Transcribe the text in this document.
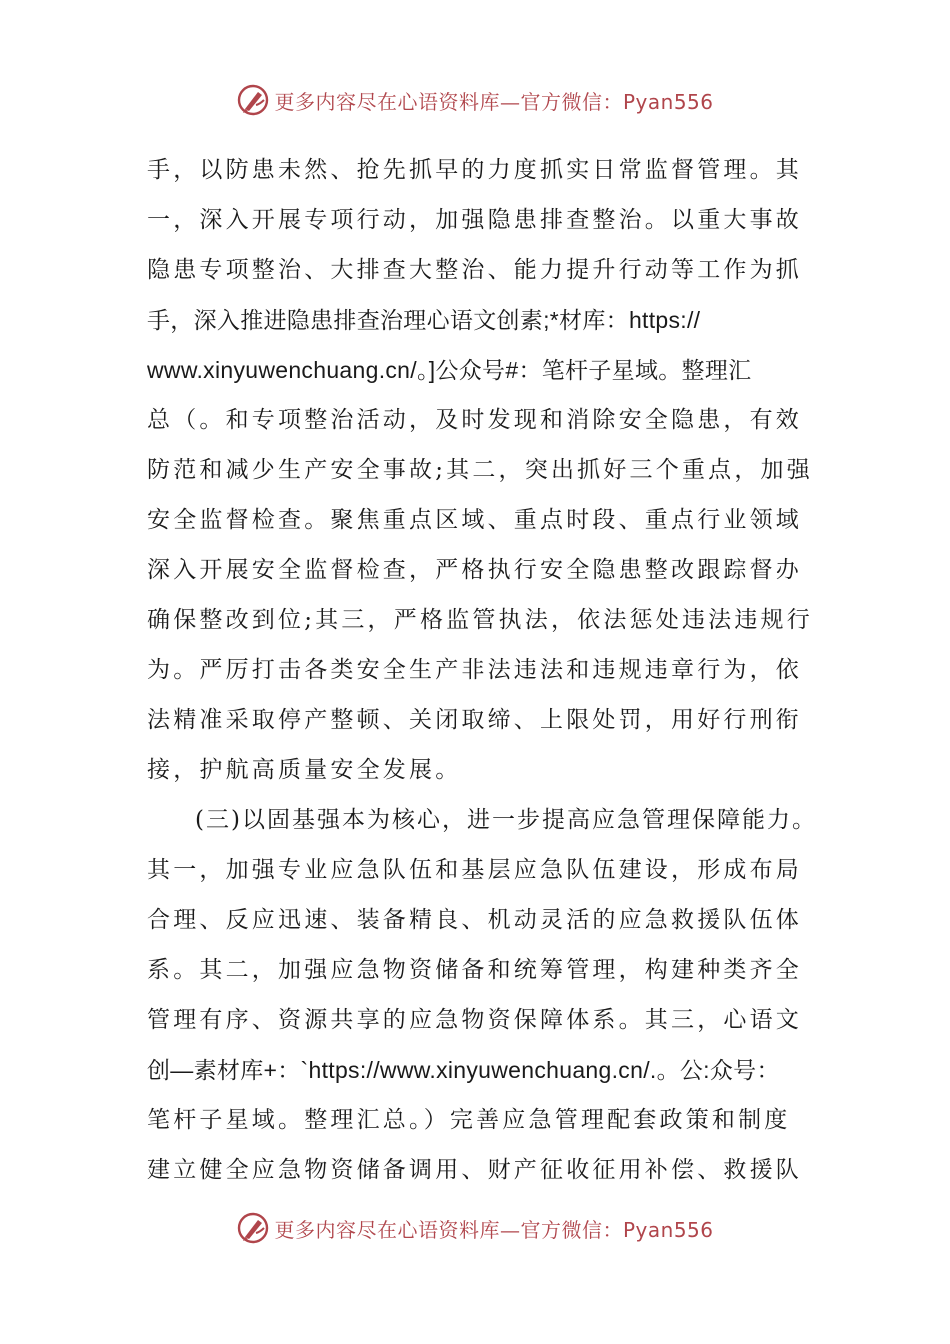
更多内容尽在心语资料库—官方微信：Pyan556
手，以防患未然、抢先抓早的力度抓实日常监督管理。其
一，深入开展专项行动，加强隐患排查整治。以重大事故
隐患专项整治、大排查大整治、能力提升行动等工作为抓
手，深入推进隐患排查治理心语文创素;*材库：https://
www.xinyuwenchuang.cn/。]公众号#：笔杆子星域。整理汇
总（。和专项整治活动，及时发现和消除安全隐患，有效
防范和减少生产安全事故;其二，突出抓好三个重点，加强
安全监督检查。聚焦重点区域、重点时段、重点行业领域
深入开展安全监督检查，严格执行安全隐患整改跟踪督办
确保整改到位;其三，严格监管执法，依法惩处违法违规行
为。严厉打击各类安全生产非法违法和违规违章行为，依
法精准采取停产整顿、关闭取缔、上限处罚，用好行刑衔
接，护航高质量安全发展。
(三)以固基强本为核心，进一步提高应急管理保障能力。
其一，加强专业应急队伍和基层应急队伍建设，形成布局
合理、反应迅速、装备精良、机动灵活的应急救援队伍体
系。其二，加强应急物资储备和统筹管理，构建种类齐全
管理有序、资源共享的应急物资保障体系。其三，心语文
创—素材库+：`https://www.xinyuwenchuang.cn/.。公:众号：
笔杆子星域。整理汇总。）完善应急管理配套政策和制度
建立健全应急物资储备调用、财产征收征用补偿、救援队
更多内容尽在心语资料库—官方微信：Pyan556
